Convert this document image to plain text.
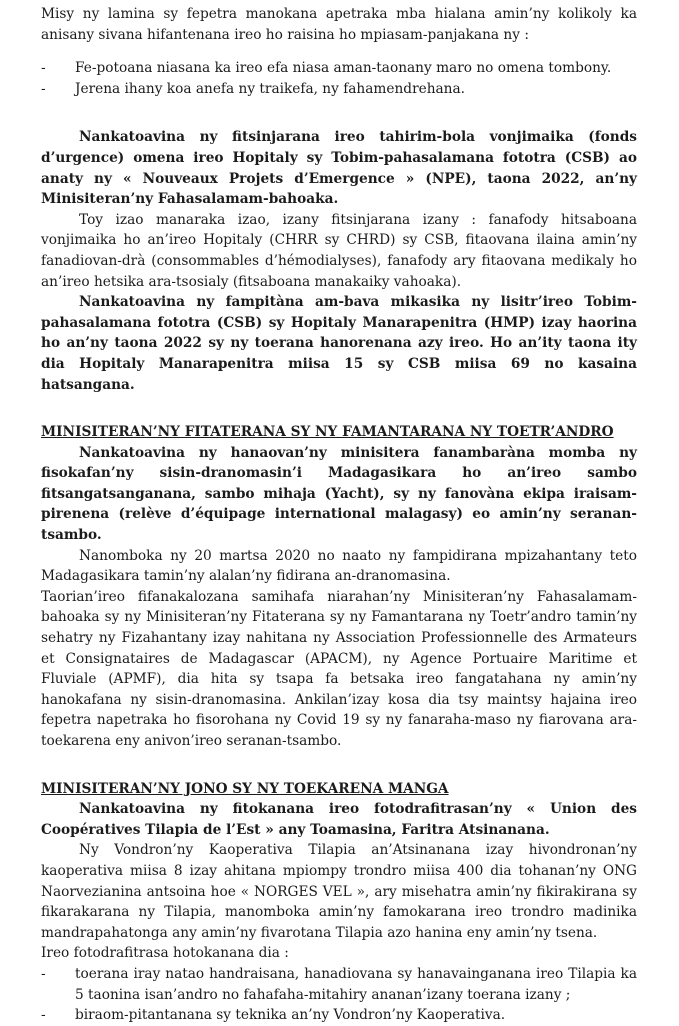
Misy ny lamina sy fepetra manokana apetraka mba hialana amin’ny kolikoly ka anisany sivana hifantenana ireo ho raisina ho mpiasam-panjakana ny :

-	Fe-potoana niasana ka ireo efa niasa aman-taonany maro no omena tombony.
-	Jerena ihany koa anefa ny traikefa, ny fahamendrehana.

Nankatoavina ny fitsinjarana ireo tahirim-bola vonjimaika (fonds d’urgence) omena ireo Hopitaly sy Tobim-pahasalamana fototra (CSB) ao anaty ny « Nouveaux Projets d’Emergence » (NPE), taona 2022, an’ny Minisiteran’ny Fahasalamam-bahoaka.

Toy izao manaraka izao, izany fitsinjarana izany : fanafody hitsaboana vonjimaika ho an’ireo Hopitaly (CHRR sy CHRD) sy CSB, fitaovana ilaina amin’ny fanadiovan-drà (consommables d’hémodialyses), fanafody ary fitaovana medikaly ho an’ireo hetsika ara-tsosialy (fitsaboana manakaiky vahoaka).

Nankatoavina ny fampitàna am-bava mikasika ny lisitr’ireo Tobim-pahasalamana fototra (CSB) sy Hopitaly Manarapenitra (HMP) izay haorina ho an’ny taona 2022 sy ny toerana hanorenana azy ireo. Ho an’ity taona ity dia Hopitaly Manarapenitra miisa 15 sy CSB miisa 69 no kasaina hatsangana.

MINISITERAN’NY FITATERANA SY NY FAMANTARANA NY TOETR’ANDRO

Nankatoavina ny hanaovan’ny minisitera fanambaràna momba ny fisokafan’ny sisin-dranomasin’i Madagasikara ho an’ireo sambo fitsangatsanganana, sambo mihaja (Yacht), sy ny fanovàna ekipa iraisam-pirenena (relève d’équipage international malagasy) eo amin’ny seranan-tsambo.

Nanomboka ny 20 martsa 2020 no naato ny fampidirana mpizahantany teto Madagasikara tamin’ny alalan’ny fidirana an-dranomasina.

Taorian’ireo fifanakalozana samihafa niarahan’ny Minisiteran’ny Fahasalamam-bahoaka sy ny Minisiteran’ny Fitaterana sy ny Famantarana ny Toetr’andro tamin’ny sehatry ny Fizahantany izay nahitana ny Association Professionnelle des Armateurs et Consignataires de Madagascar (APACM), ny Agence Portuaire Maritime et Fluviale (APMF), dia hita sy tsapa fa betsaka ireo fangatahana ny amin’ny hanokafana ny sisin-dranomasina. Ankilan’izay kosa dia tsy maintsy hajaina ireo fepetra napetraka ho fisorohana ny Covid 19 sy ny fanaraha-maso ny fiarovana ara-toekarena eny anivon’ireo seranan-tsambo.

MINISITERAN’NY JONO SY NY TOEKARENA MANGA

Nankatoavina ny fitokanana ireo fotodrafitrasan’ny « Union des Coopératives Tilapia de l’Est » any Toamasina, Faritra Atsinanana.

Ny Vondron’ny Kaoperativa Tilapia an’Atsinanana izay hivondronan’ny kaoperativa miisa 8 izay ahitana mpiompy trondro miisa 400 dia tohanan’ny ONG Naorvezianina antsoina hoe « NORGES VEL », ary misehatra amin’ny fikirakirana sy fikarakarana ny Tilapia, manomboka amin’ny famokarana ireo trondro madinika mandrapahatonga any amin’ny fivarotana Tilapia azo hanina eny amin’ny tsena.

Ireo fotodrafitrasa hotokanana dia :

-	toerana iray natao handraisana, hanadiovana sy hanavainganana ireo Tilapia ka 5 taonina isan’andro no fahafaha-mitahiry ananan’izany toerana izany ;
-	biraom-pitantanana sy teknika an’ny Vondron’ny Kaoperativa.
